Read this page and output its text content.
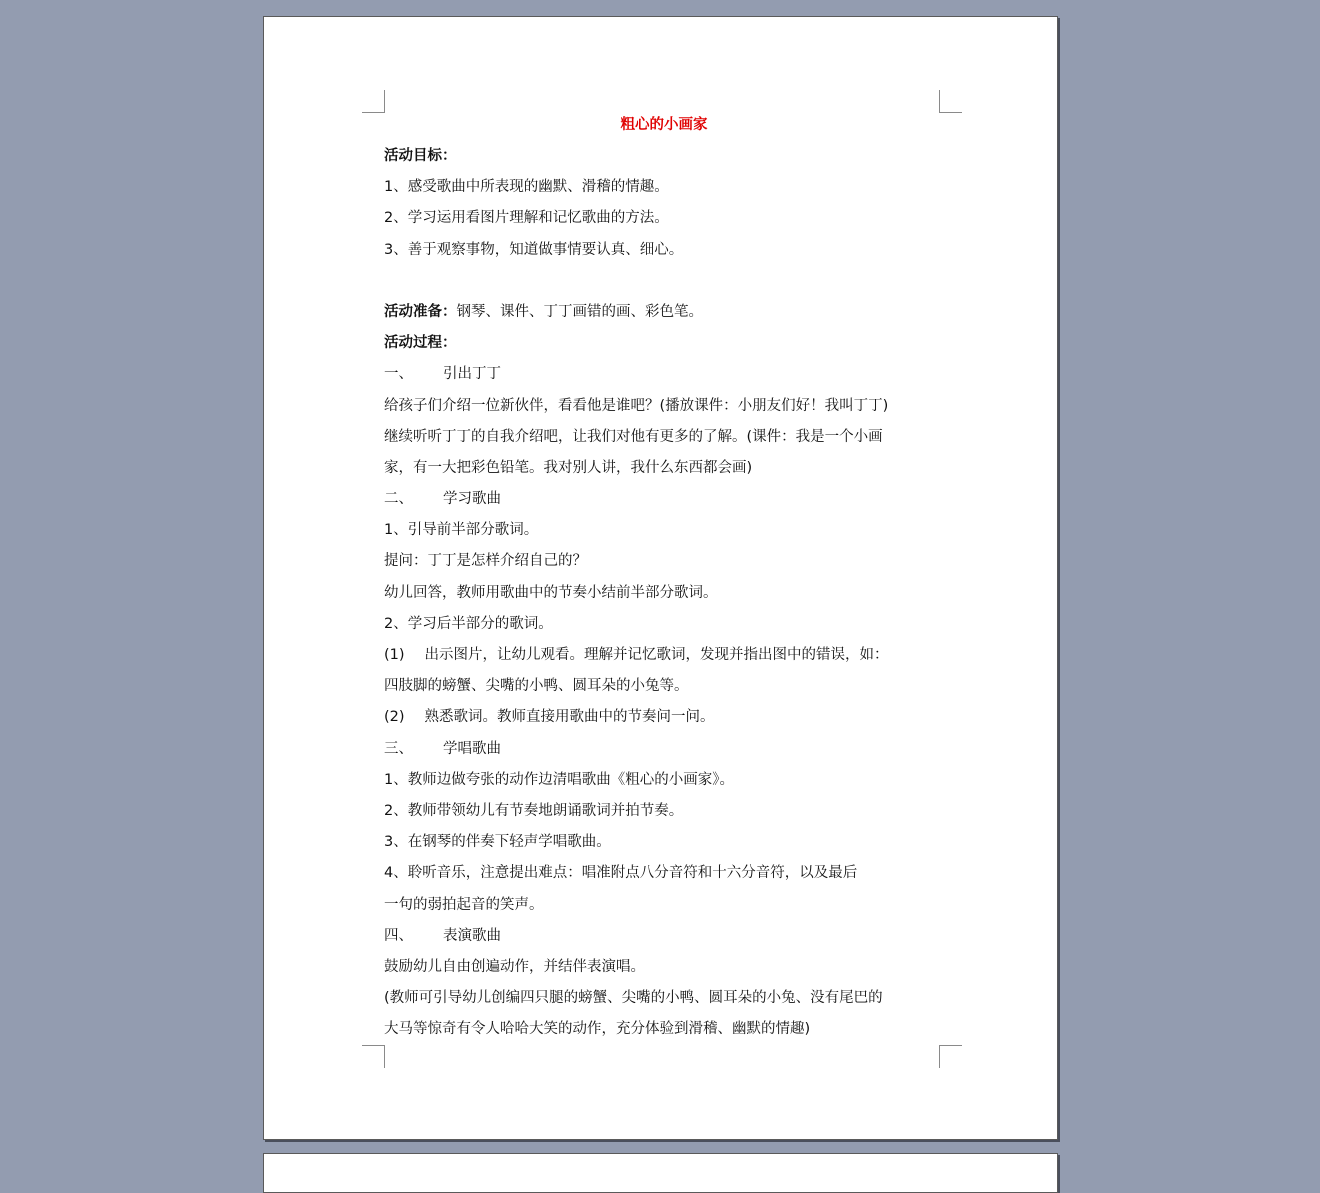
粗心的小画家
活动目标：
1、感受歌曲中所表现的幽默、滑稽的情趣。
2、学习运用看图片理解和记忆歌曲的方法。
3、善于观察事物，知道做事情要认真、细心。
活动准备：钢琴、课件、丁丁画错的画、彩色笔。
活动过程：
一、 引出丁丁
给孩子们介绍一位新伙伴，看看他是谁吧？(播放课件：小朋友们好！我叫丁丁)
继续听听丁丁的自我介绍吧，让我们对他有更多的了解。(课件：我是一个小画
家，有一大把彩色铅笔。我对别人讲，我什么东西都会画)
二、 学习歌曲
1、引导前半部分歌词。
提问：丁丁是怎样介绍自己的？
幼儿回答，教师用歌曲中的节奏小结前半部分歌词。
2、学习后半部分的歌词。
(1) 出示图片，让幼儿观看。理解并记忆歌词，发现并指出图中的错误，如：
四肢脚的螃蟹、尖嘴的小鸭、圆耳朵的小兔等。
(2) 熟悉歌词。教师直接用歌曲中的节奏问一问。
三、 学唱歌曲
1、教师边做夸张的动作边清唱歌曲《粗心的小画家》。
2、教师带领幼儿有节奏地朗诵歌词并拍节奏。
3、在钢琴的伴奏下轻声学唱歌曲。
4、聆听音乐，注意提出难点：唱准附点八分音符和十六分音符，以及最后
一句的弱拍起音的笑声。
四、 表演歌曲
鼓励幼儿自由创遍动作，并结伴表演唱。
(教师可引导幼儿创编四只腿的螃蟹、尖嘴的小鸭、圆耳朵的小兔、没有尾巴的
大马等惊奇有令人哈哈大笑的动作，充分体验到滑稽、幽默的情趣)
